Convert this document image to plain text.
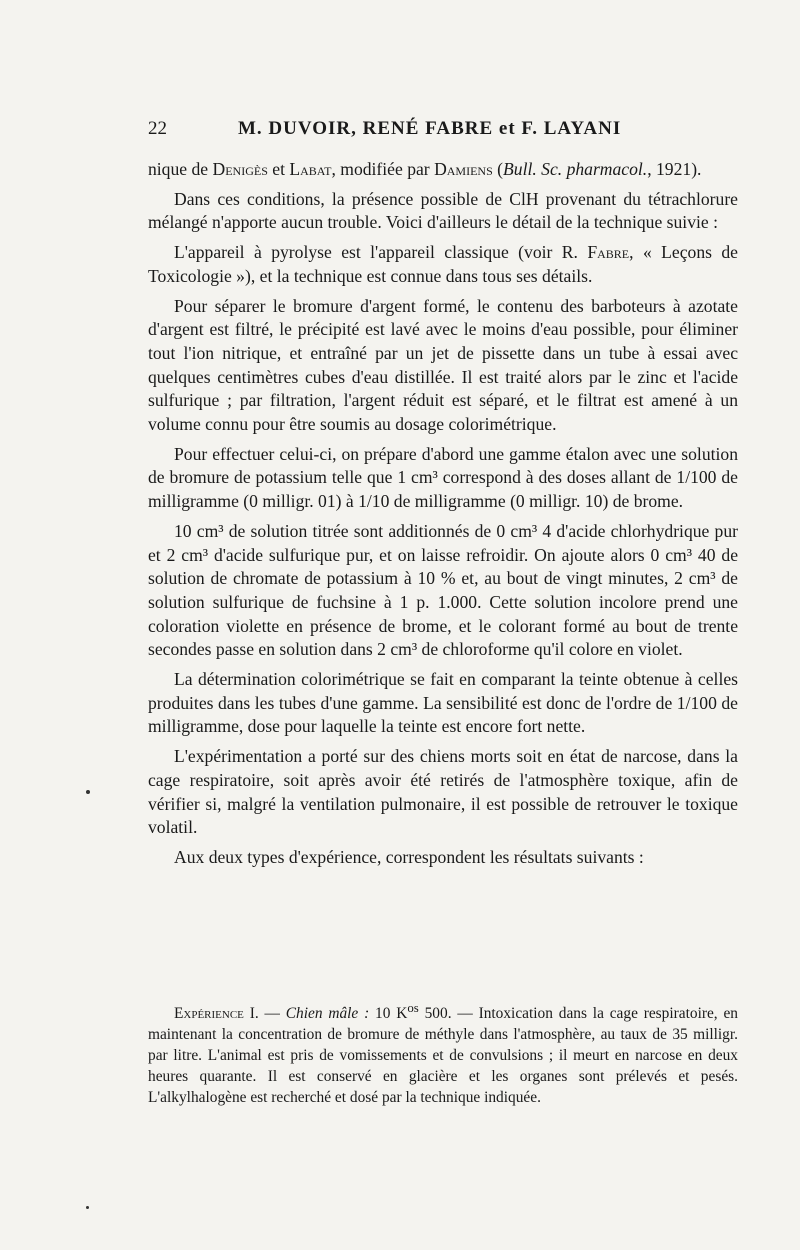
22	M. DUVOIR, RENÉ FABRE et F. LAYANI

nique de Denigès et Labat, modifiée par Damiens (Bull. Sc. pharmacol., 1921).

Dans ces conditions, la présence possible de ClH provenant du tétrachlorure mélangé n'apporte aucun trouble. Voici d'ailleurs le détail de la technique suivie :

L'appareil à pyrolyse est l'appareil classique (voir R. Fabre, « Leçons de Toxicologie »), et la technique est connue dans tous ses détails.

Pour séparer le bromure d'argent formé, le contenu des barboteurs à azotate d'argent est filtré, le précipité est lavé avec le moins d'eau possible, pour éliminer tout l'ion nitrique, et entraîné par un jet de pissette dans un tube à essai avec quelques centimètres cubes d'eau distillée. Il est traité alors par le zinc et l'acide sulfurique ; par filtration, l'argent réduit est séparé, et le filtrat est amené à un volume connu pour être soumis au dosage colorimétrique.

Pour effectuer celui-ci, on prépare d'abord une gamme étalon avec une solution de bromure de potassium telle que 1 cm³ correspond à des doses allant de 1/100 de milligramme (0 milligr. 01) à 1/10 de milligramme (0 milligr. 10) de brome.

10 cm³ de solution titrée sont additionnés de 0 cm³ 4 d'acide chlorhydrique pur et 2 cm³ d'acide sulfurique pur, et on laisse refroidir. On ajoute alors 0 cm³ 40 de solution de chromate de potassium à 10 % et, au bout de vingt minutes, 2 cm³ de solution sulfurique de fuchsine à 1 p. 1.000. Cette solution incolore prend une coloration violette en présence de brome, et le colorant formé au bout de trente secondes passe en solution dans 2 cm³ de chloroforme qu'il colore en violet.

La détermination colorimétrique se fait en comparant la teinte obtenue à celles produites dans les tubes d'une gamme. La sensibilité est donc de l'ordre de 1/100 de milligramme, dose pour laquelle la teinte est encore fort nette.

L'expérimentation a porté sur des chiens morts soit en état de narcose, dans la cage respiratoire, soit après avoir été retirés de l'atmosphère toxique, afin de vérifier si, malgré la ventilation pulmonaire, il est possible de retrouver le toxique volatil.

Aux deux types d'expérience, correspondent les résultats suivants :

Expérience I. — Chien mâle : 10 $K^{os}$ 500. — Intoxication dans la cage respiratoire, en maintenant la concentration de bromure de méthyle dans l'atmosphère, au taux de 35 milligr. par litre. L'animal est pris de vomissements et de convulsions ; il meurt en narcose en deux heures quarante. Il est conservé en glacière et les organes sont prélevés et pesés. L'alkylhalogène est recherché et dosé par la technique indiquée.
